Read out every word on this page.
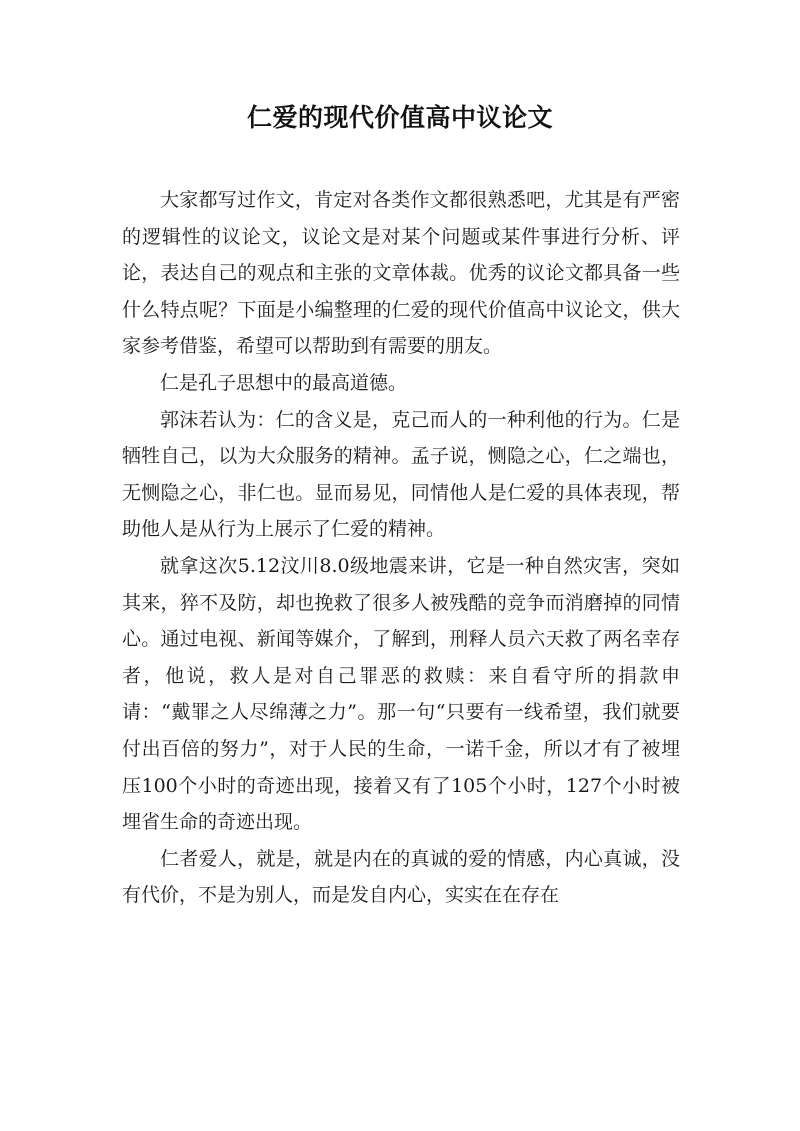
仁爱的现代价值高中议论文

大家都写过作文，肯定对各类作文都很熟悉吧，尤其是有严密的逻辑性的议论文，议论文是对某个问题或某件事进行分析、评论，表达自己的观点和主张的文章体裁。优秀的议论文都具备一些什么特点呢？下面是小编整理的仁爱的现代价值高中议论文，供大家参考借鉴，希望可以帮助到有需要的朋友。

仁是孔子思想中的最高道德。

郭沫若认为：仁的含义是，克己而人的一种利他的行为。仁是牺牲自己，以为大众服务的精神。孟子说，恻隐之心，仁之端也，无恻隐之心，非仁也。显而易见，同情他人是仁爱的具体表现，帮助他人是从行为上展示了仁爱的精神。

就拿这次5.12汶川8.0级地震来讲，它是一种自然灾害，突如其来，猝不及防，却也挽救了很多人被残酷的竞争而消磨掉的同情心。通过电视、新闻等媒介，了解到，刑释人员六天救了两名幸存者，他说，救人是对自己罪恶的救赎：来自看守所的捐款申请：“戴罪之人尽绵薄之力”。那一句“只要有一线希望，我们就要付出百倍的努力”，对于人民的生命，一诺千金，所以才有了被埋压100个小时的奇迹出现，接着又有了105个小时，127个小时被埋省生命的奇迹出现。

仁者爱人，就是，就是内在的真诚的爱的情感，内心真诚，没有代价，不是为别人，而是发自内心，实实在在存在
